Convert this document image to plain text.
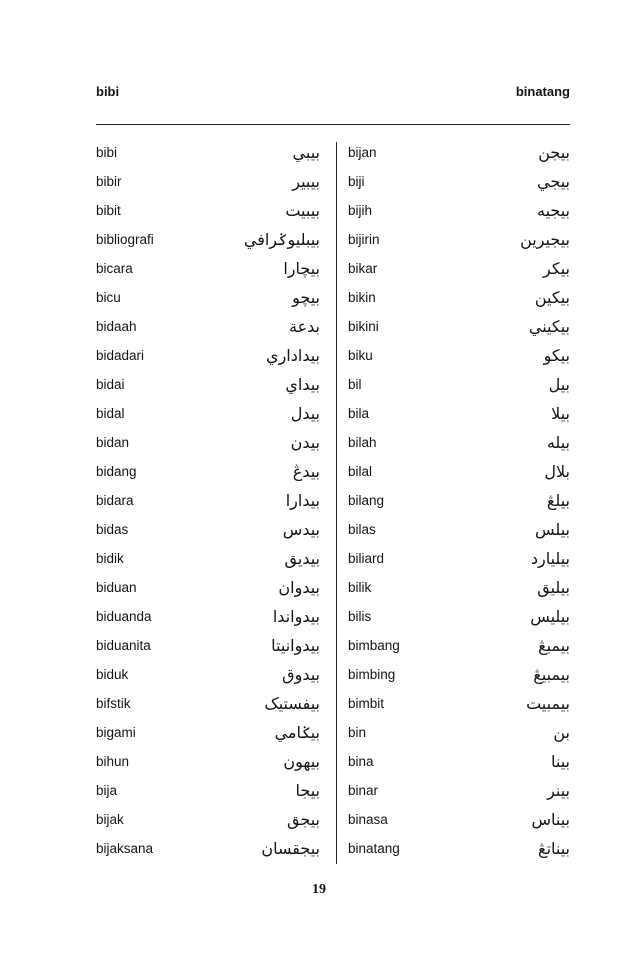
bibi	binatang
bibi	بيبي
bibir	بيبير
bibit	بيبيت
bibliografi	بيبليوݢرافي
bicara	بيچارا
bicu	بيچو
bidaah	بدعة
bidadari	بيداداري
bidai	بيداي
bidal	بيدل
bidan	بيدن
bidang	بيدڠ
bidara	بيدارا
bidas	بيدس
bidik	بيديق
biduan	بيدوان
biduanda	بيدواندا
biduanita	بيدوانيتا
biduk	بيدوق
bifstik	بيفستيک
bigami	بيݢامي
bihun	بيهون
bija	بيجا
bijak	بيجق
bijaksana	بيجقسان
bijan	بيجن
biji	بيجي
bijih	بيجيه
bijirin	بيجيرين
bikar	بيکر
bikin	بيکين
bikini	بيکيني
biku	بيکو
bil	بيل
bila	بيلا
bilah	بيله
bilal	بلال
bilang	بيلڠ
bilas	بيلس
biliard	بيليارد
bilik	بيليق
bilis	بيليس
bimbang	بيمبڠ
bimbing	بيمبيڠ
bimbit	بيمبيت
bin	بن
bina	بينا
binar	بينر
binasa	بيناس
binatang	بيناتڠ
19
